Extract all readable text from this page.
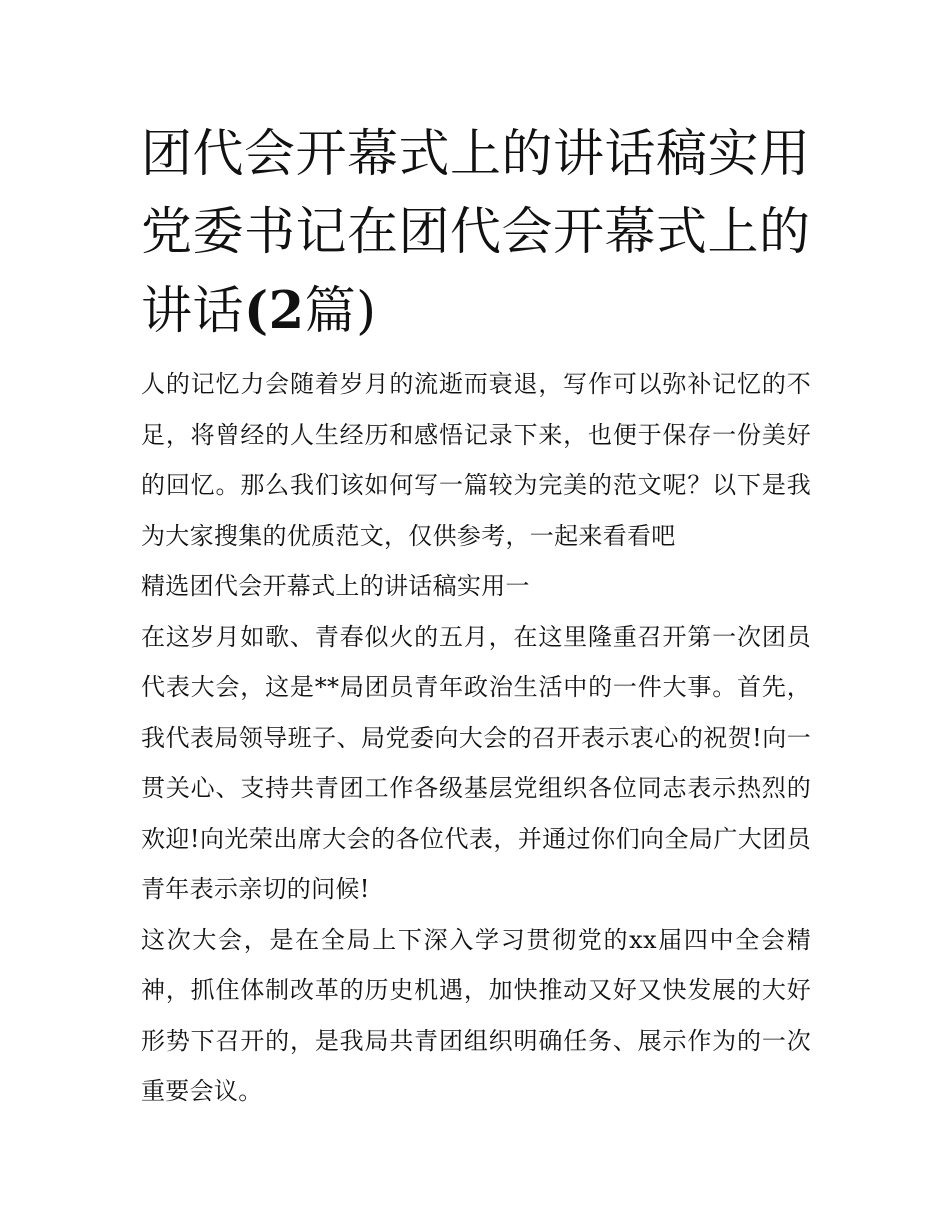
团代会开幕式上的讲话稿实用党委书记在团代会开幕式上的讲话(2篇)

人的记忆力会随着岁月的流逝而衰退，写作可以弥补记忆的不足，将曾经的人生经历和感悟记录下来，也便于保存一份美好的回忆。那么我们该如何写一篇较为完美的范文呢？以下是我为大家搜集的优质范文，仅供参考，一起来看看吧

精选团代会开幕式上的讲话稿实用一

在这岁月如歌、青春似火的五月，在这里隆重召开第一次团员代表大会，这是**局团员青年政治生活中的一件大事。首先，我代表局领导班子、局党委向大会的召开表示衷心的祝贺!向一贯关心、支持共青团工作各级基层党组织各位同志表示热烈的欢迎!向光荣出席大会的各位代表，并通过你们向全局广大团员青年表示亲切的问候!

这次大会，是在全局上下深入学习贯彻党的xx届四中全会精神，抓住体制改革的历史机遇，加快推动又好又快发展的大好形势下召开的，是我局共青团组织明确任务、展示作为的一次重要会议。
